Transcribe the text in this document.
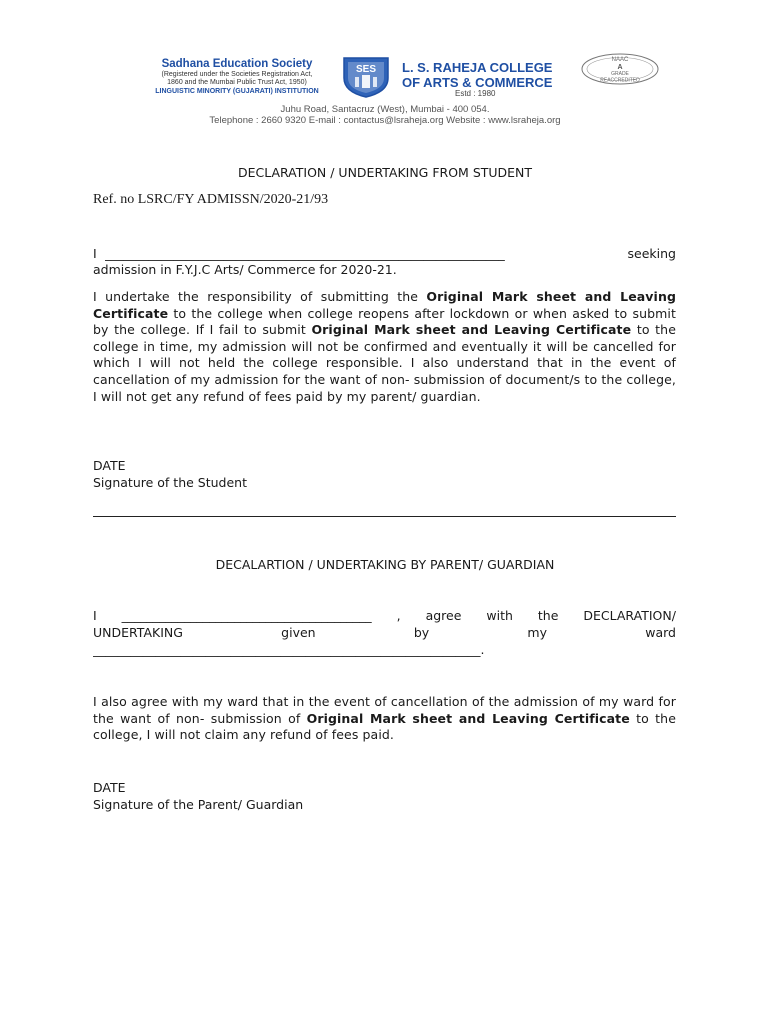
Sadhana Education Society
(Registered under the Societies Registration Act,
1860 and the Mumbai Public Trust Act, 1950)
LINGUISTIC MINORITY (GUJARATI) INSTITUTION
SES L. S. RAHEJA COLLEGE
OF ARTS & COMMERCE
Estd : 1980
NAAC
A
GRADE
REACCREDITED
Juhu Road, Santacruz (West), Mumbai - 400 054.
Telephone : 2660 9320 E-mail : contactus@lsraheja.org Website : www.lsraheja.org
DECLARATION / UNDERTAKING FROM STUDENT
Ref. no LSRC/FY ADMISSN/2020-21/93
I ________________________________________________________________	seeking
admission in F.Y.J.C Arts/ Commerce for 2020-21.
I undertake the responsibility of submitting the Original Mark sheet and Leaving Certificate to the college when college reopens after lockdown or when asked to submit by the college. If I fail to submit Original Mark sheet and Leaving Certificate to the college in time, my admission will not be confirmed and eventually it will be cancelled for which I will not held the college responsible. I also understand that in the event of cancellation of my admission for the want of non- submission of document/s to the college, I will not get any refund of fees paid by my parent/ guardian.
DATE
Signature of the Student
DECALARTION / UNDERTAKING BY PARENT/ GUARDIAN
I ________________________________________ , agree with the DECLARATION/
UNDERTAKING	given	by	my	ward
______________________________________________________________.
I also agree with my ward that in the event of cancellation of the admission of my ward for the want of non- submission of Original Mark sheet and Leaving Certificate to the college, I will not claim any refund of fees paid.
DATE
Signature of the Parent/ Guardian
